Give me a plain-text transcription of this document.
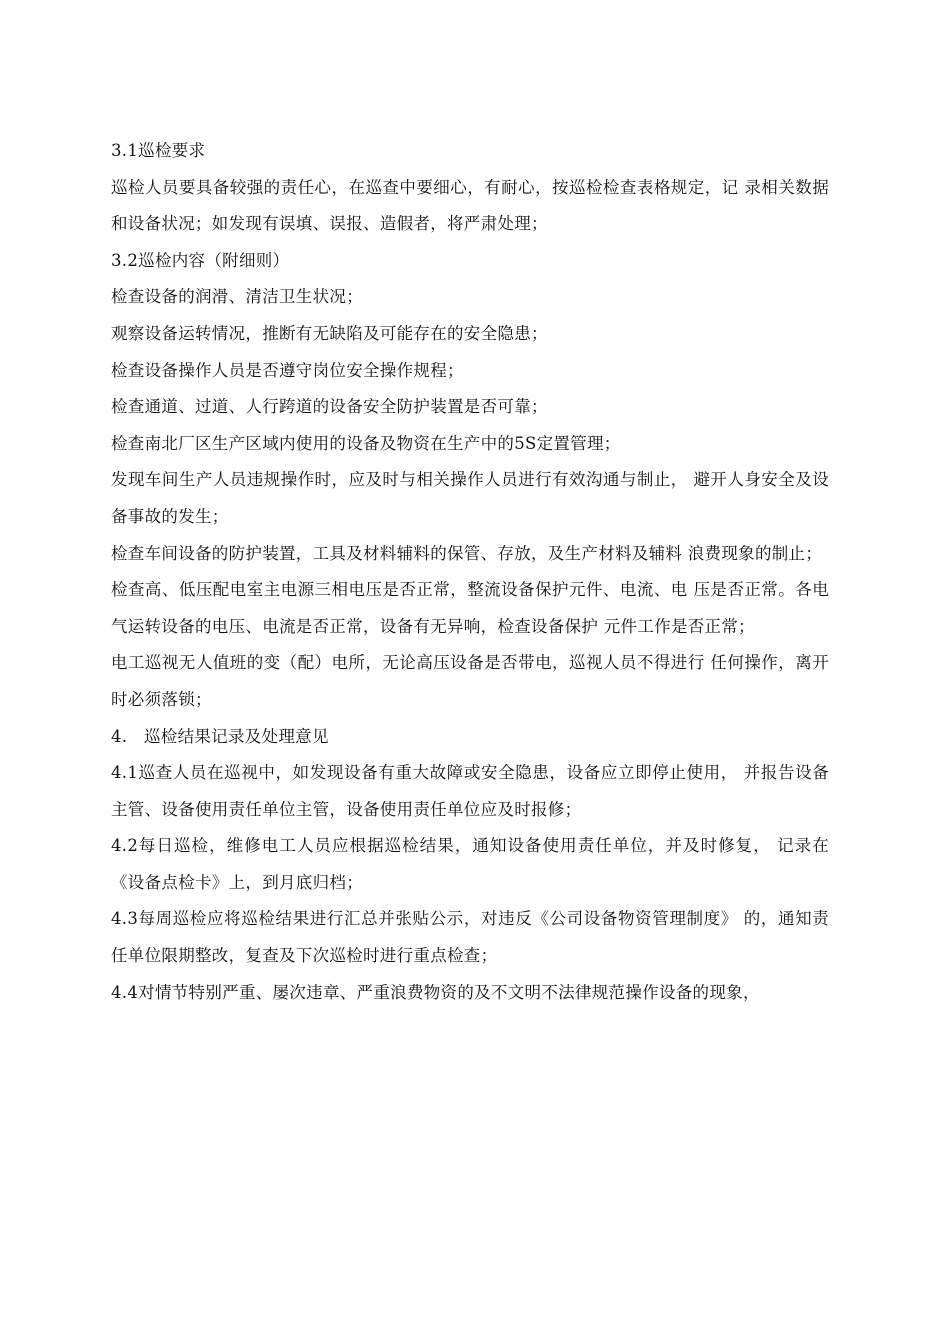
3.1巡检要求

巡检人员要具备较强的责任心，在巡查中要细心，有耐心，按巡检检查表格规定，记 录相关数据和设备状况；如发现有误填、误报、造假者，将严肃处理；

3.2巡检内容（附细则）

检查设备的润滑、清洁卫生状况；

观察设备运转情况，推断有无缺陷及可能存在的安全隐患；

检查设备操作人员是否遵守岗位安全操作规程；

检查通道、过道、人行跨道的设备安全防护装置是否可靠；

检查南北厂区生产区域内使用的设备及物资在生产中的5S定置管理；

发现车间生产人员违规操作时，应及时与相关操作人员进行有效沟通与制止， 避开人身安全及设备事故的发生；

检查车间设备的防护装置，工具及材料辅料的保管、存放，及生产材料及辅料 浪费现象的制止；

检查高、低压配电室主电源三相电压是否正常，整流设备保护元件、电流、电 压是否正常。各电气运转设备的电压、电流是否正常，设备有无异响，检查设备保护 元件工作是否正常；

电工巡视无人值班的变（配）电所，无论高压设备是否带电，巡视人员不得进行 任何操作，离开时必须落锁；

4.   巡检结果记录及处理意见

4.1巡查人员在巡视中，如发现设备有重大故障或安全隐患，设备应立即停止使用， 并报告设备主管、设备使用责任单位主管，设备使用责任单位应及时报修；

4.2每日巡检，维修电工人员应根据巡检结果，通知设备使用责任单位，并及时修复， 记录在《设备点检卡》上，到月底归档；

4.3每周巡检应将巡检结果进行汇总并张贴公示，对违反《公司设备物资管理制度》 的，通知责任单位限期整改，复查及下次巡检时进行重点检查；

4.4对情节特别严重、屡次违章、严重浪费物资的及不文明不法律规范操作设备的现象，
